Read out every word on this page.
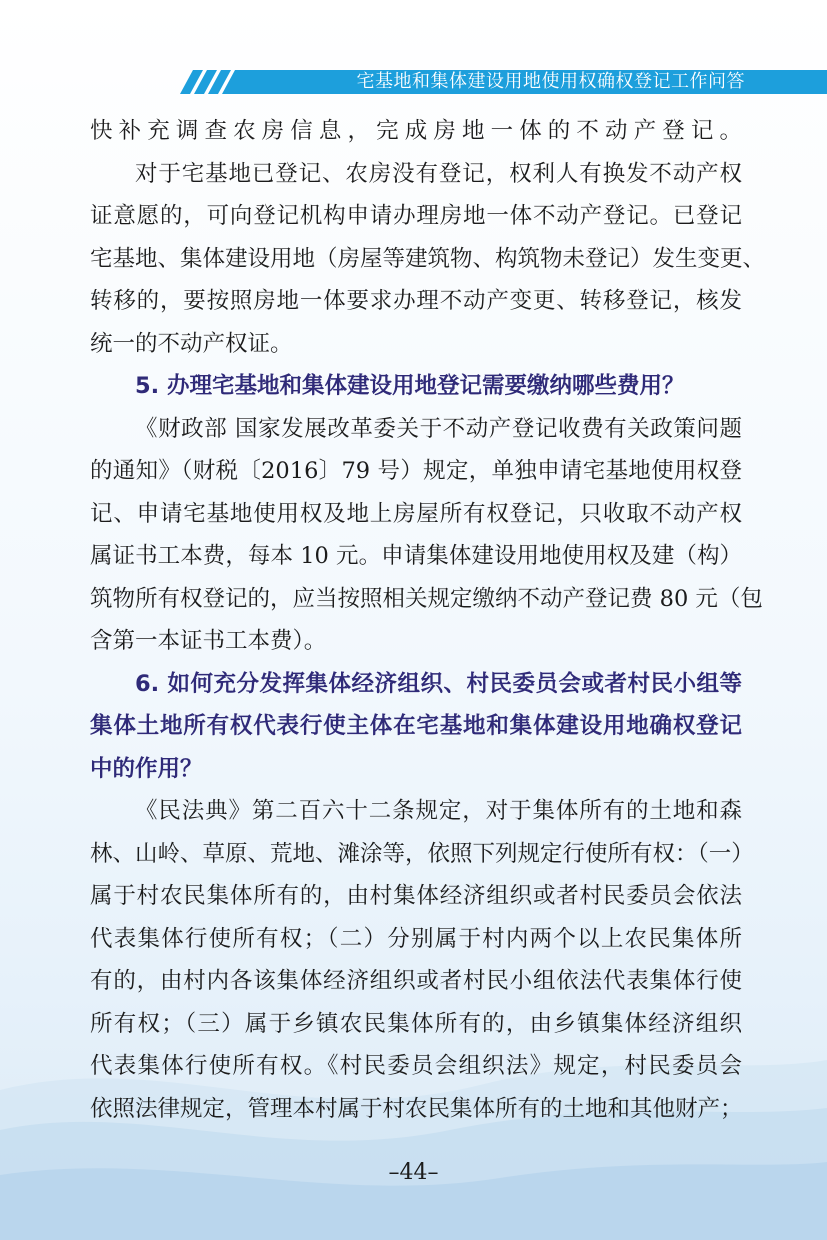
宅基地和集体建设用地使用权确权登记工作问答
快补充调查农房信息，完成房地一体的不动产登记。
对于宅基地已登记、农房没有登记，权利人有换发不动产权
证意愿的，可向登记机构申请办理房地一体不动产登记。已登记
宅基地、集体建设用地（房屋等建筑物、构筑物未登记）发生变更、
转移的，要按照房地一体要求办理不动产变更、转移登记，核发
统一的不动产权证。
5. 办理宅基地和集体建设用地登记需要缴纳哪些费用？
《财政部 国家发展改革委关于不动产登记收费有关政策问题
的通知》（财税〔2016〕79 号）规定，单独申请宅基地使用权登
记、申请宅基地使用权及地上房屋所有权登记，只收取不动产权
属证书工本费，每本 10 元。申请集体建设用地使用权及建（构）
筑物所有权登记的，应当按照相关规定缴纳不动产登记费 80 元（包
含第一本证书工本费）。
6. 如何充分发挥集体经济组织、村民委员会或者村民小组等
集体土地所有权代表行使主体在宅基地和集体建设用地确权登记
中的作用？
《民法典》第二百六十二条规定，对于集体所有的土地和森
林、山岭、草原、荒地、滩涂等，依照下列规定行使所有权：（一）
属于村农民集体所有的，由村集体经济组织或者村民委员会依法
代表集体行使所有权；（二）分别属于村内两个以上农民集体所
有的，由村内各该集体经济组织或者村民小组依法代表集体行使
所有权；（三）属于乡镇农民集体所有的，由乡镇集体经济组织
代表集体行使所有权。《村民委员会组织法》规定，村民委员会
依照法律规定，管理本村属于村农民集体所有的土地和其他财产；
–44–
